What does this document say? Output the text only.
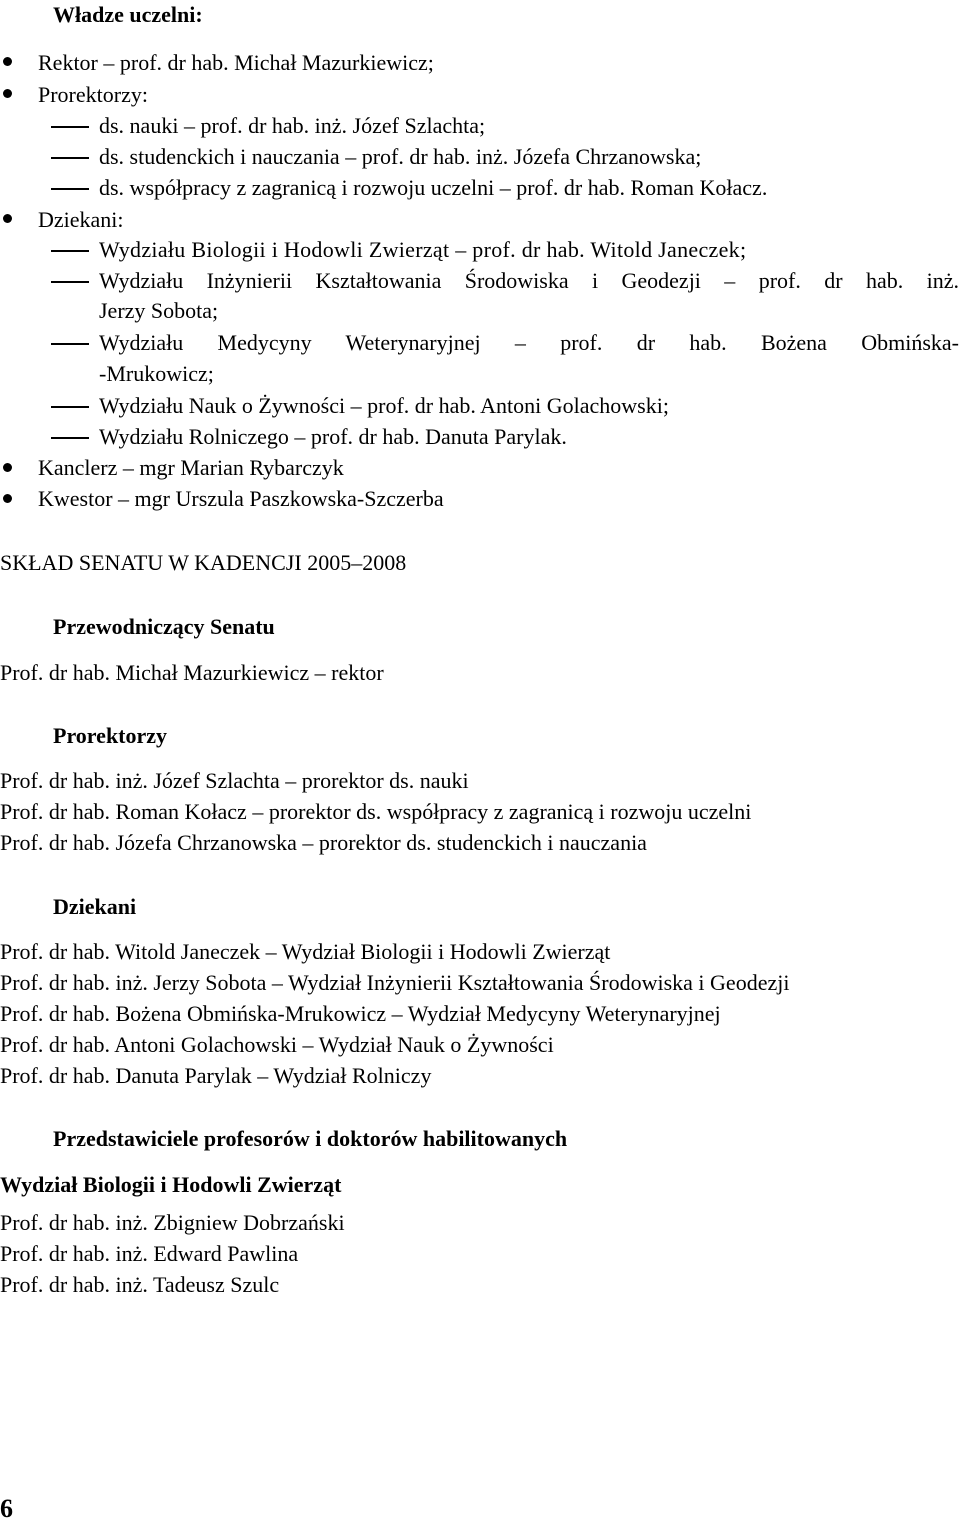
Władze uczelni:
Rektor – prof. dr hab. Michał Mazurkiewicz;
Prorektorzy:
ds. nauki – prof. dr hab. inż. Józef Szlachta;
ds. studenckich i nauczania – prof. dr hab. inż. Józefa Chrzanowska;
ds. współpracy z zagranicą i rozwoju uczelni – prof. dr hab. Roman Kołacz.
Dziekani:
Wydziału Biologii i Hodowli Zwierząt – prof. dr hab. Witold Janeczek;
Wydziału Inżynierii Kształtowania Środowiska i Geodezji – prof. dr hab. inż.
Jerzy Sobota;
Wydziału Medycyny Weterynaryjnej – prof. dr hab. Bożena Obmińska-
-Mrukowicz;
Wydziału Nauk o Żywności – prof. dr hab. Antoni Golachowski;
Wydziału Rolniczego – prof. dr hab. Danuta Parylak.
Kanclerz – mgr Marian Rybarczyk
Kwestor – mgr Urszula Paszkowska-Szczerba
SKŁAD SENATU W KADENCJI 2005–2008
Przewodniczący Senatu
Prof. dr hab. Michał Mazurkiewicz – rektor
Prorektorzy
Prof. dr hab. inż. Józef Szlachta – prorektor ds. nauki
Prof. dr hab. Roman Kołacz – prorektor ds. współpracy z zagranicą i rozwoju uczelni
Prof. dr hab. Józefa Chrzanowska – prorektor ds. studenckich i nauczania
Dziekani
Prof. dr hab. Witold Janeczek – Wydział Biologii i Hodowli Zwierząt
Prof. dr hab. inż. Jerzy Sobota – Wydział Inżynierii Kształtowania Środowiska i Geodezji
Prof. dr hab. Bożena Obmińska-Mrukowicz – Wydział Medycyny Weterynaryjnej
Prof. dr hab. Antoni Golachowski – Wydział Nauk o Żywności
Prof. dr hab. Danuta Parylak – Wydział Rolniczy
Przedstawiciele profesorów i doktorów habilitowanych
Wydział Biologii i Hodowli Zwierząt
Prof. dr hab. inż. Zbigniew Dobrzański
Prof. dr hab. inż. Edward Pawlina
Prof. dr hab. inż. Tadeusz Szulc
6
